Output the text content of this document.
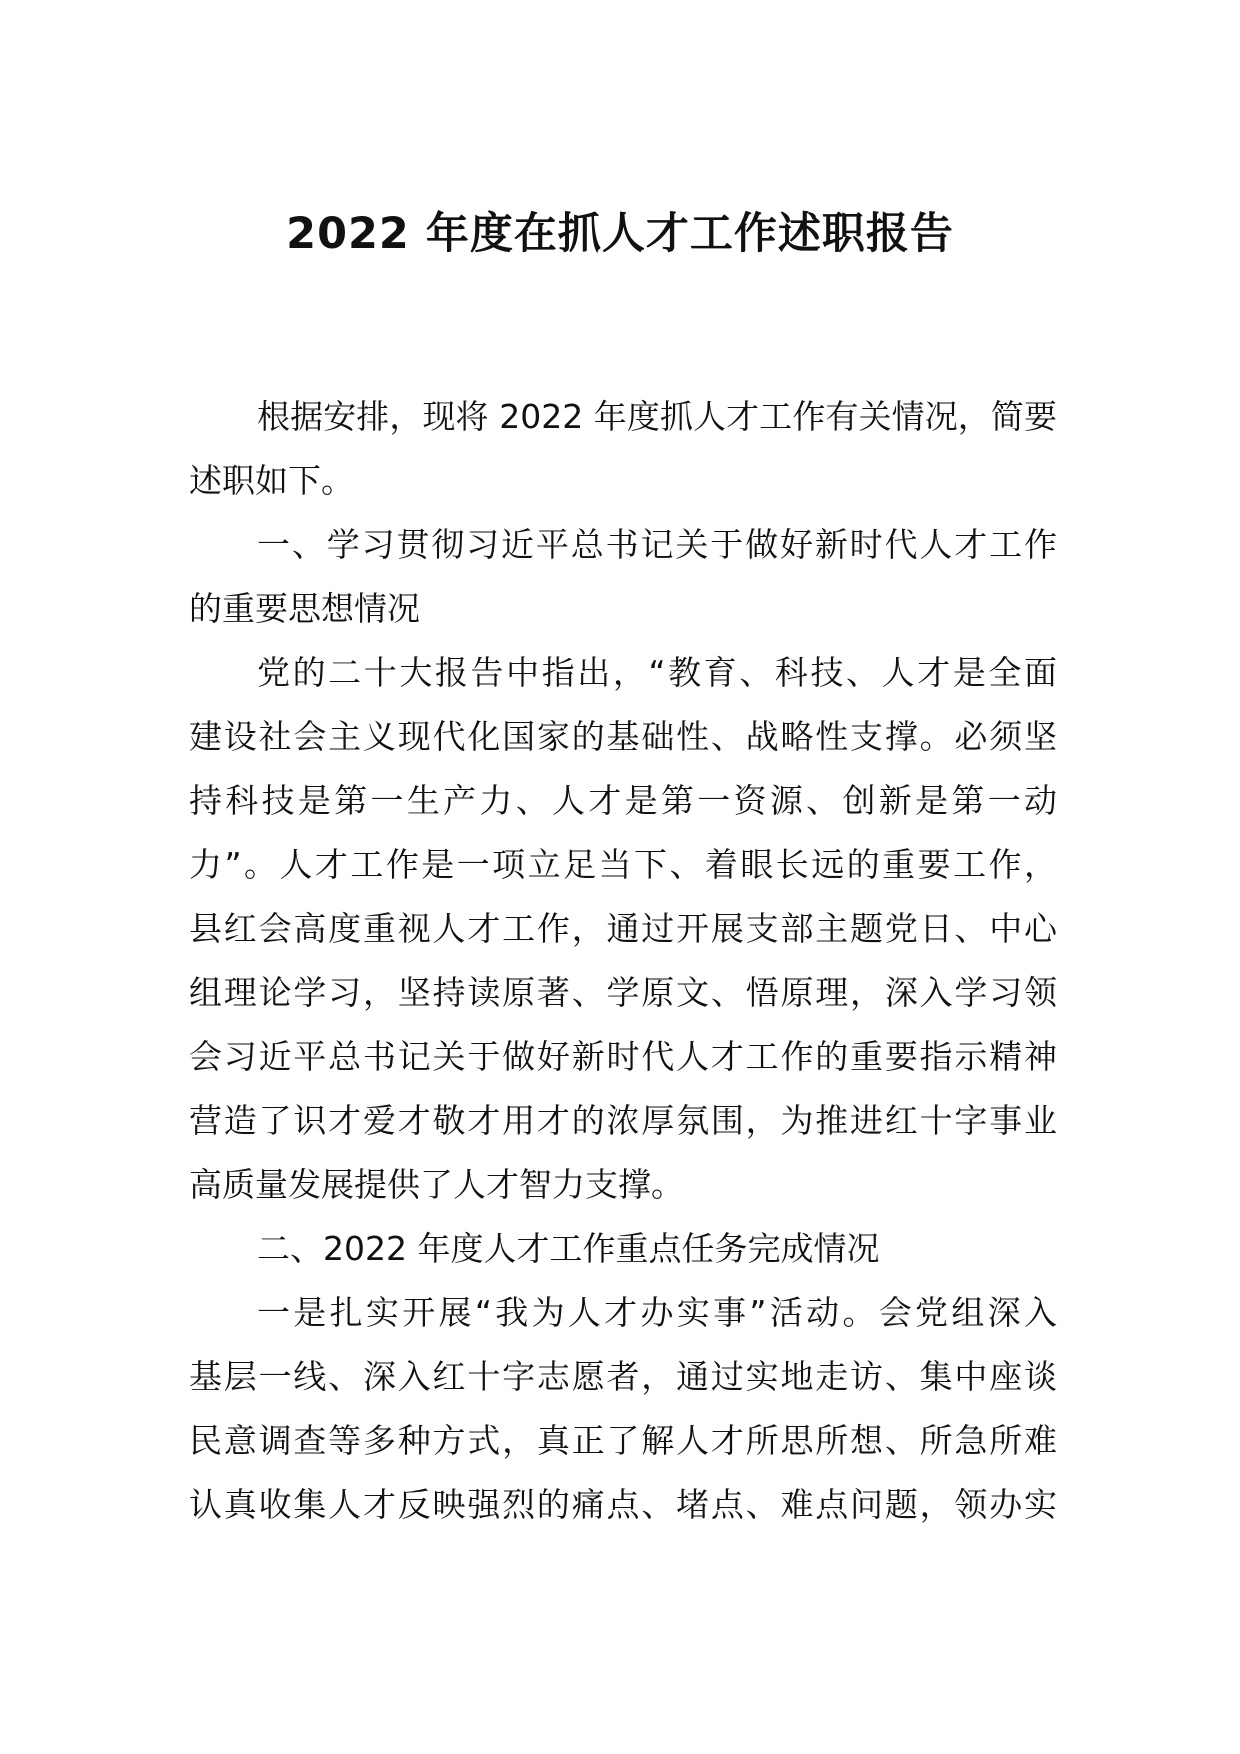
2022 年度在抓人才工作述职报告
根据安排，现将 2022 年度抓人才工作有关情况，简要
述职如下。
一、学习贯彻习近平总书记关于做好新时代人才工作
的重要思想情况
党的二十大报告中指出，“教育、科技、人才是全面
建设社会主义现代化国家的基础性、战略性支撑。必须坚
持科技是第一生产力、人才是第一资源、创新是第一动
力”。人才工作是一项立足当下、着眼长远的重要工作，
县红会高度重视人才工作，通过开展支部主题党日、中心
组理论学习，坚持读原著、学原文、悟原理，深入学习领
会习近平总书记关于做好新时代人才工作的重要指示精神
营造了识才爱才敬才用才的浓厚氛围，为推进红十字事业
高质量发展提供了人才智力支撑。
二、2022 年度人才工作重点任务完成情况
一是扎实开展“我为人才办实事”活动。会党组深入
基层一线、深入红十字志愿者，通过实地走访、集中座谈
民意调查等多种方式，真正了解人才所思所想、所急所难
认真收集人才反映强烈的痛点、堵点、难点问题，领办实
